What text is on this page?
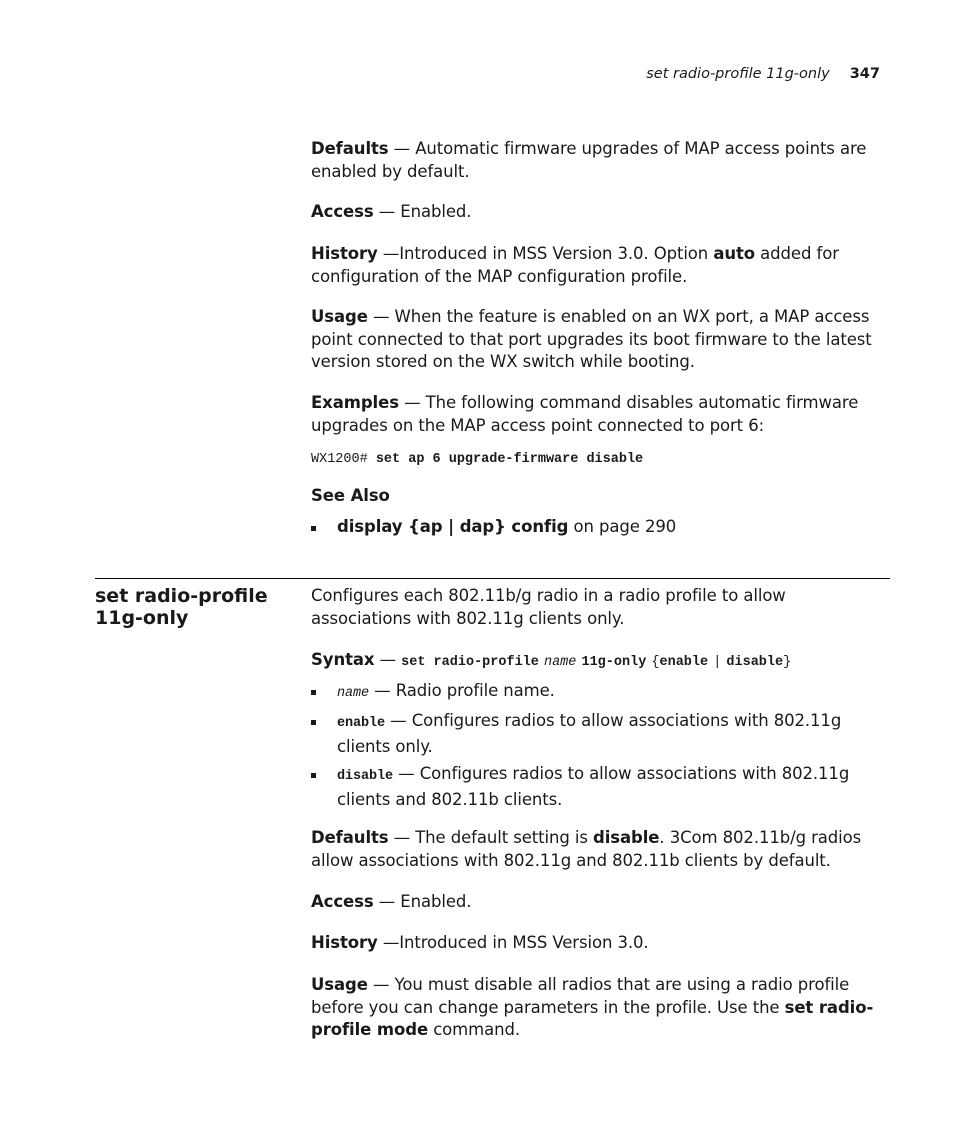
set radio-profile 11g-only 347

Defaults — Automatic firmware upgrades of MAP access points are enabled by default.

Access — Enabled.

History —Introduced in MSS Version 3.0. Option auto added for configuration of the MAP configuration profile.

Usage — When the feature is enabled on an WX port, a MAP access point connected to that port upgrades its boot firmware to the latest version stored on the WX switch while booting.

Examples — The following command disables automatic firmware upgrades on the MAP access point connected to port 6:

WX1200# set ap 6 upgrade-firmware disable

See Also

display {ap | dap} config on page 290
set radio-profile 11g-only

Configures each 802.11b/g radio in a radio profile to allow associations with 802.11g clients only.

Syntax — set radio-profile name 11g-only {enable | disable}
name — Radio profile name.
enable — Configures radios to allow associations with 802.11g clients only.
disable — Configures radios to allow associations with 802.11g clients and 802.11b clients.

Defaults — The default setting is disable. 3Com 802.11b/g radios allow associations with 802.11g and 802.11b clients by default.

Access — Enabled.

History —Introduced in MSS Version 3.0.

Usage — You must disable all radios that are using a radio profile before you can change parameters in the profile. Use the set radio-profile mode command.
